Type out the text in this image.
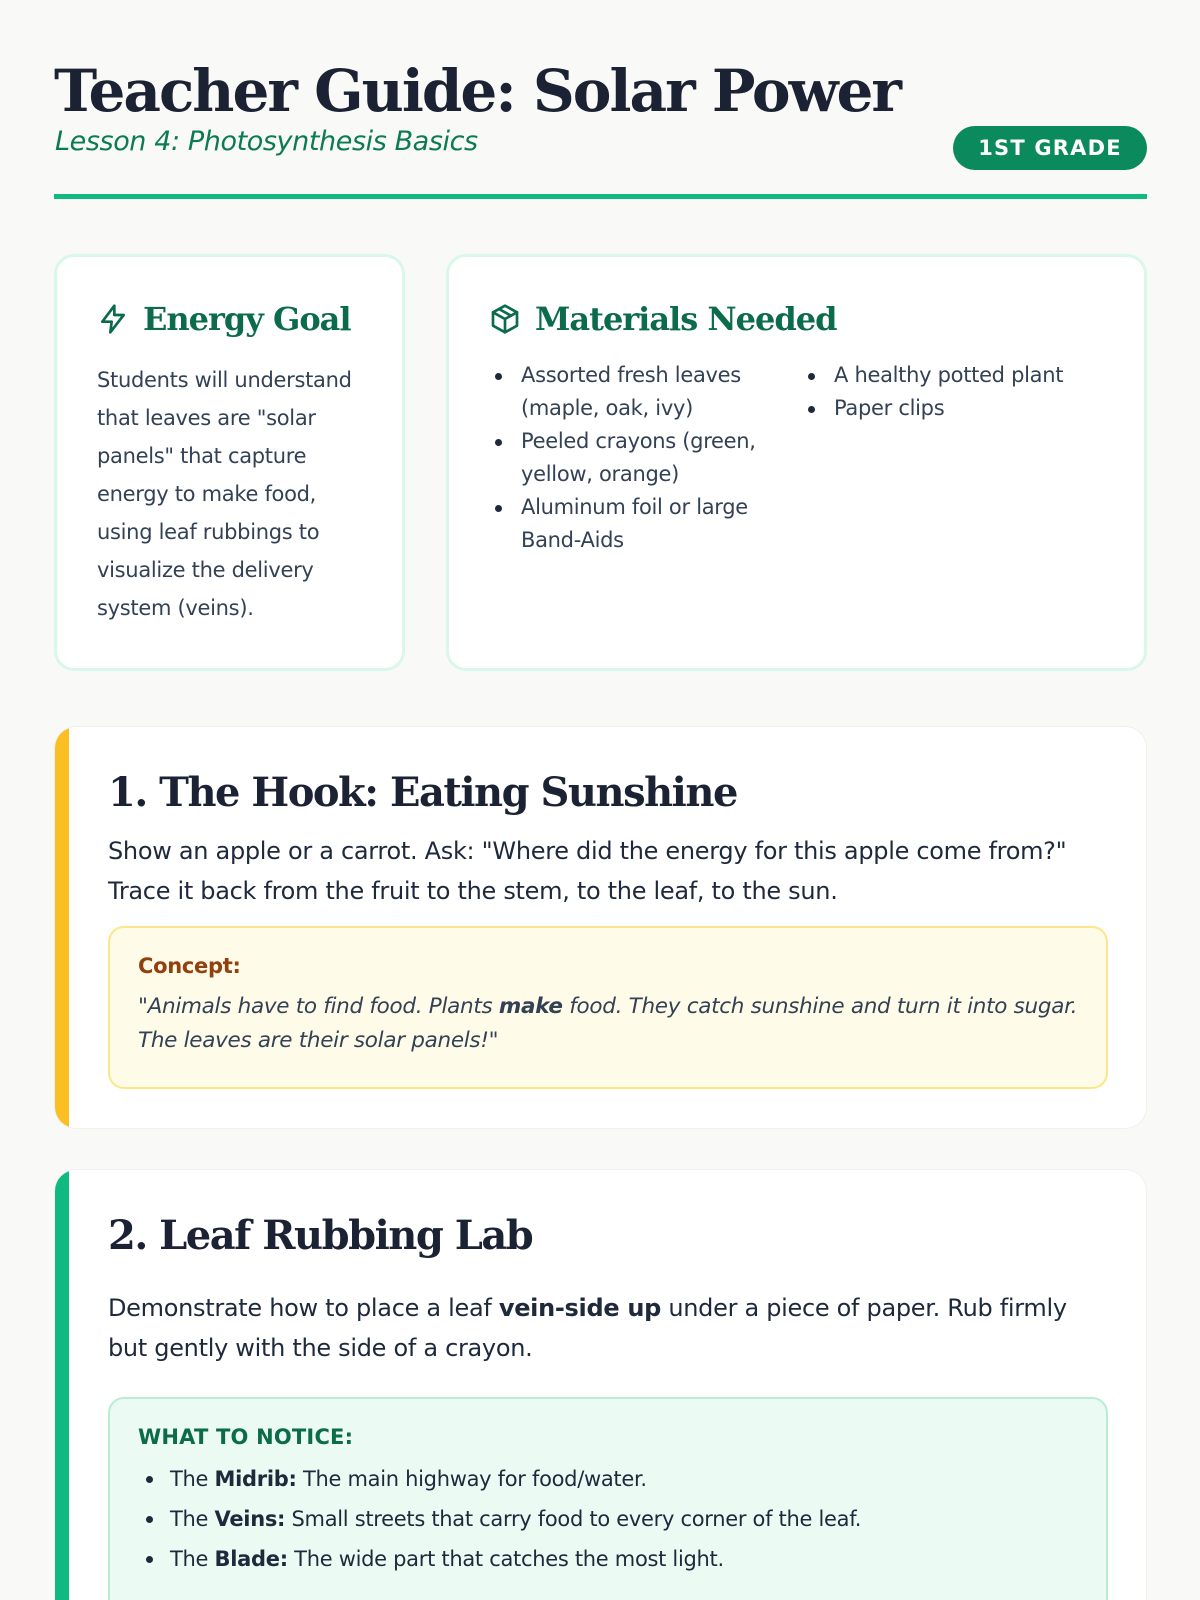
Teacher Guide: Solar Power
Lesson 4: Photosynthesis Basics	1ST GRADE
Energy Goal

Students will understand that leaves are "solar panels" that capture energy to make food, using leaf rubbings to visualize the delivery system (veins).

Materials Needed
Assorted fresh leaves (maple, oak, ivy)
Peeled crayons (green, yellow, orange)
Aluminum foil or large Band-Aids
A healthy potted plant
Paper clips
1. The Hook: Eating Sunshine

Show an apple or a carrot. Ask: "Where did the energy for this apple come from?" Trace it back from the fruit to the stem, to the leaf, to the sun.

Concept:

"Animals have to find food. Plants make food. They catch sunshine and turn it into sugar. The leaves are their solar panels!"

2. Leaf Rubbing Lab

Demonstrate how to place a leaf vein-side up under a piece of paper. Rub firmly but gently with the side of a crayon.

WHAT TO NOTICE:
The Midrib: The main highway for food/water.
The Veins: Small streets that carry food to every corner of the leaf.
The Blade: The wide part that catches the most light.
